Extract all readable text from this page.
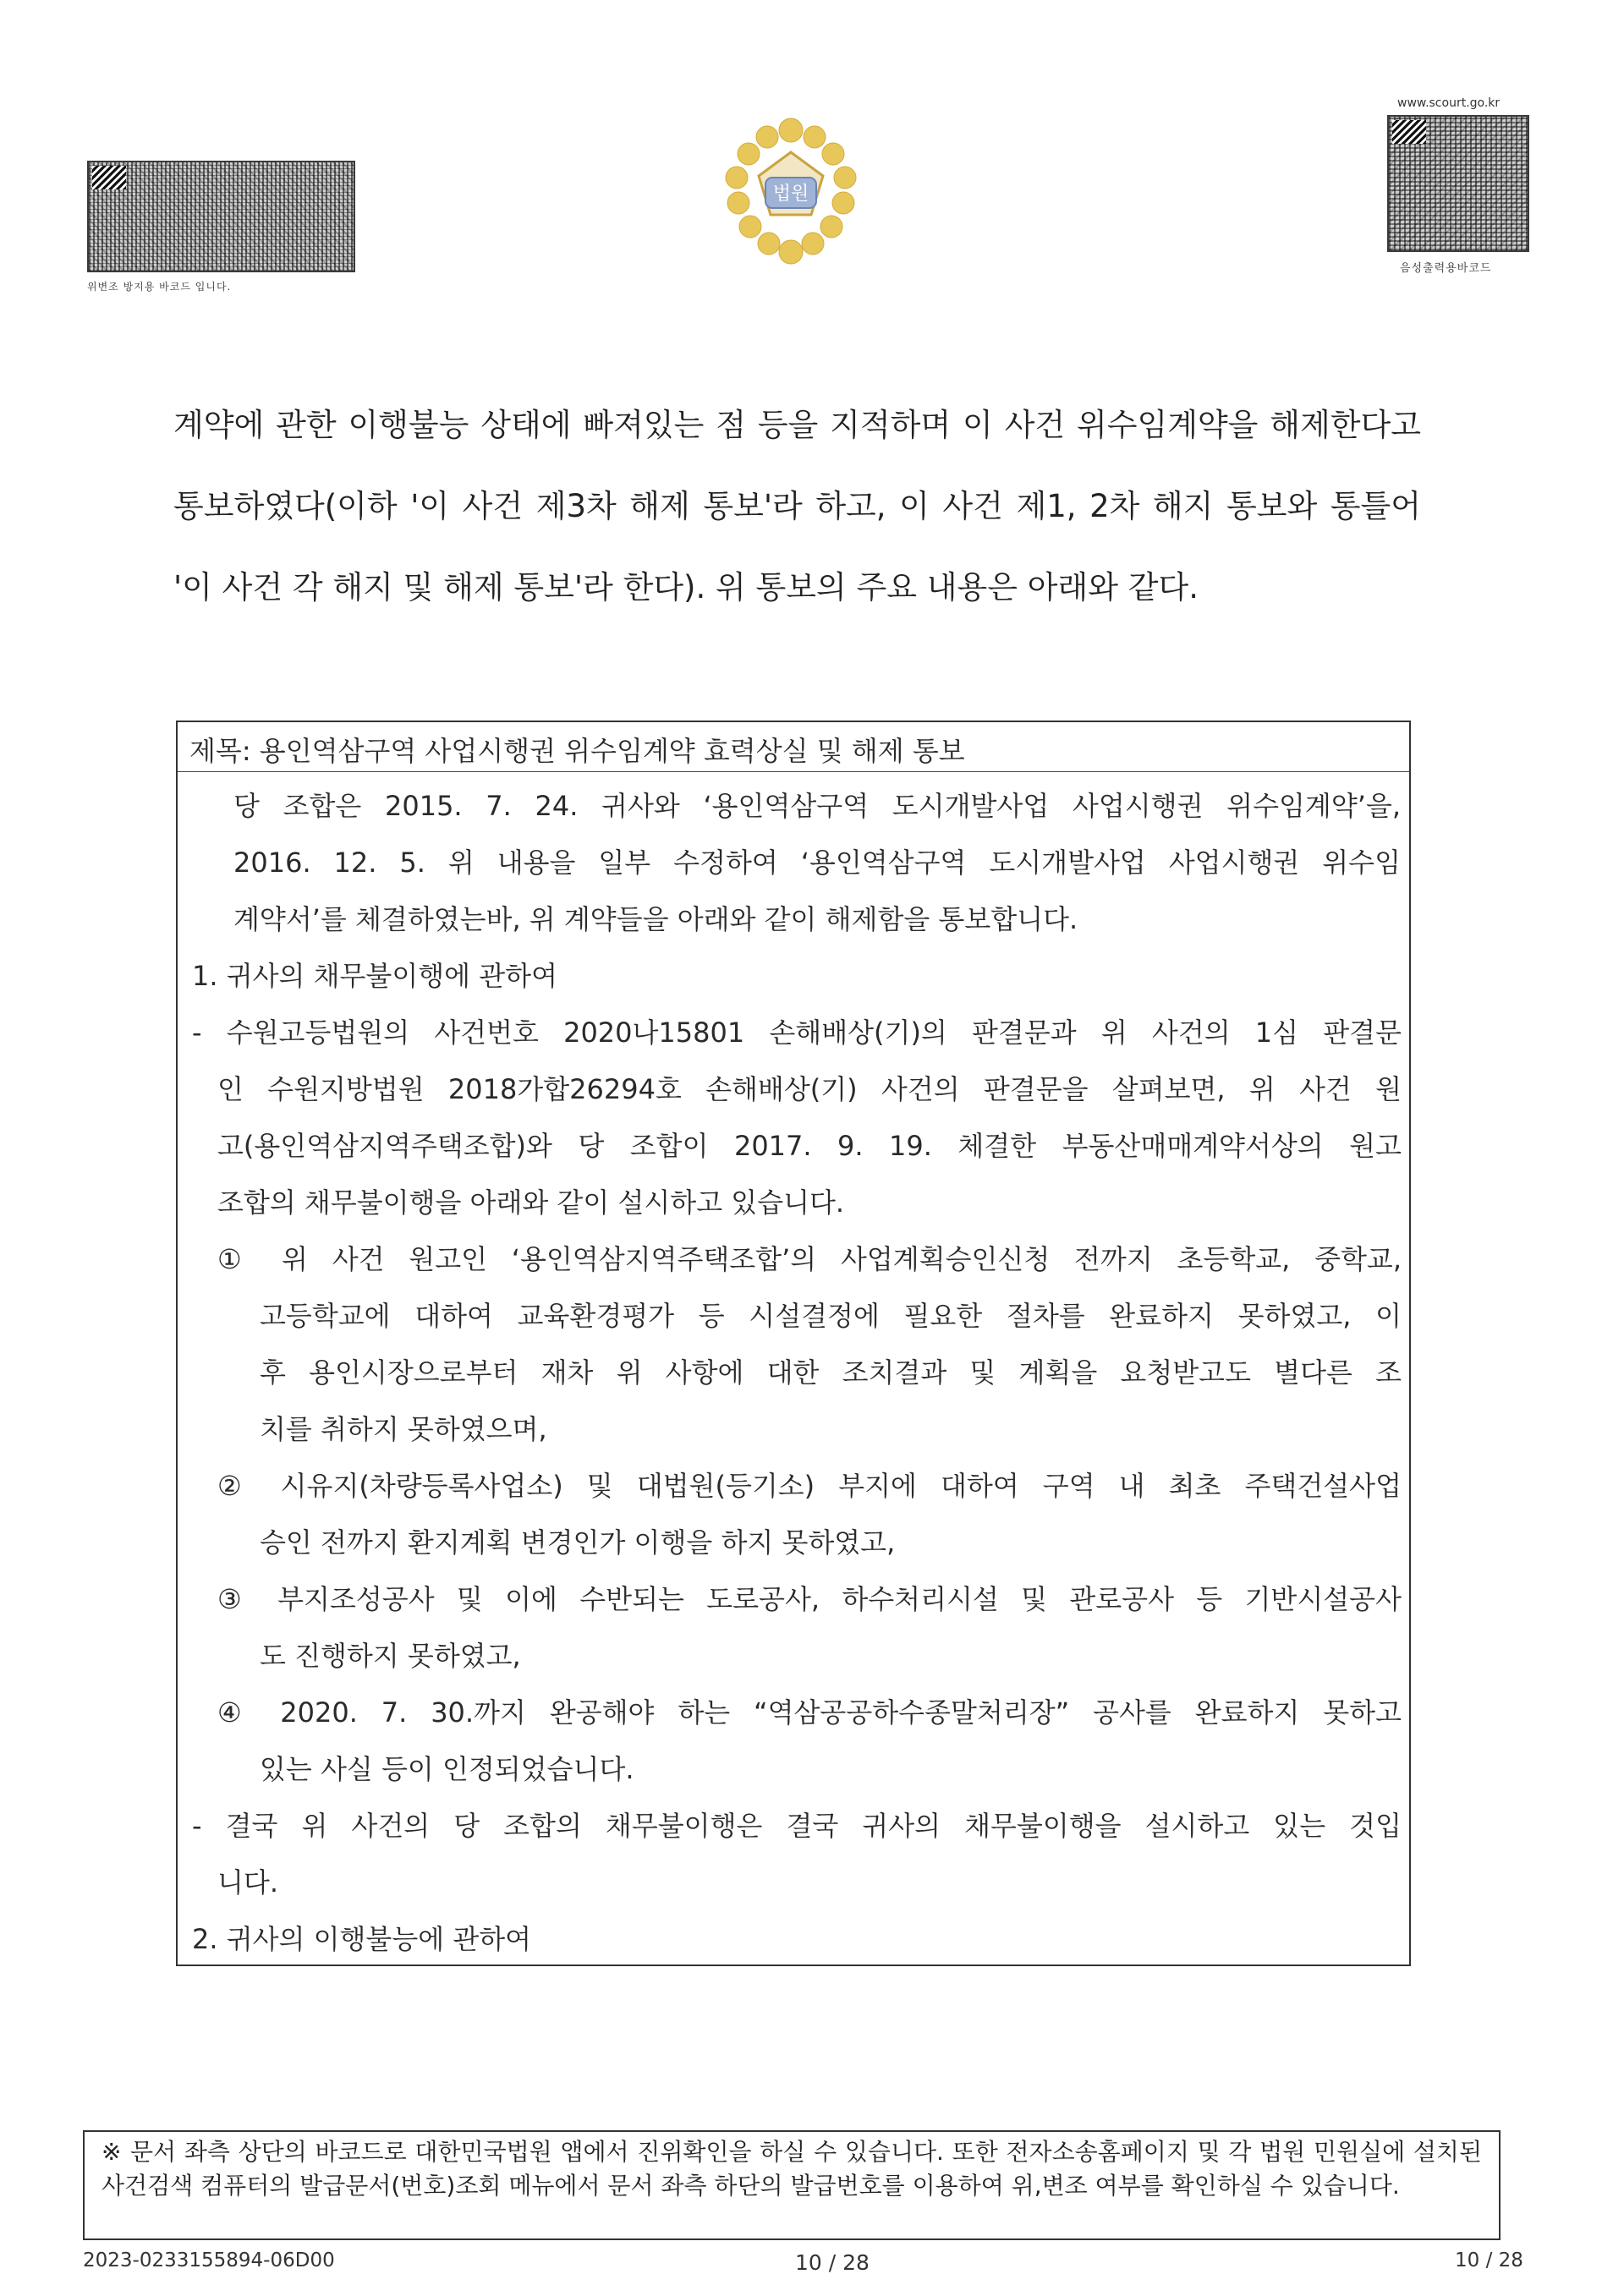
위변조 방지용 바코드 입니다.
법원
www.scourt.go.kr
음성출력용바코드
계약에 관한 이행불능 상태에 빠져있는 점 등을 지적하며 이 사건 위수임계약을 해제한다고 통보하였다(이하 '이 사건 제3차 해제 통보'라 하고, 이 사건 제1, 2차 해지 통보와 통틀어 '이 사건 각 해지 및 해제 통보'라 한다). 위 통보의 주요 내용은 아래와 같다.
제목: 용인역삼구역 사업시행권 위수임계약 효력상실 및 해제 통보
당 조합은 2015. 7. 24. 귀사와 ‘용인역삼구역 도시개발사업 사업시행권 위수임계약’을,
2016. 12. 5. 위 내용을 일부 수정하여 ‘용인역삼구역 도시개발사업 사업시행권 위수임
계약서’를 체결하였는바, 위 계약들을 아래와 같이 해제함을 통보합니다.
1. 귀사의 채무불이행에 관하여
- 수원고등법원의 사건번호 2020나15801 손해배상(기)의 판결문과 위 사건의 1심 판결문
인 수원지방법원 2018가합26294호 손해배상(기) 사건의 판결문을 살펴보면, 위 사건 원
고(용인역삼지역주택조합)와 당 조합이 2017. 9. 19. 체결한 부동산매매계약서상의 원고
조합의 채무불이행을 아래와 같이 설시하고 있습니다.
① 위 사건 원고인 ‘용인역삼지역주택조합’의 사업계획승인신청 전까지 초등학교, 중학교,
고등학교에 대하여 교육환경평가 등 시설결정에 필요한 절차를 완료하지 못하였고, 이
후 용인시장으로부터 재차 위 사항에 대한 조치결과 및 계획을 요청받고도 별다른 조
치를 취하지 못하였으며,
② 시유지(차량등록사업소) 및 대법원(등기소) 부지에 대하여 구역 내 최초 주택건설사업
승인 전까지 환지계획 변경인가 이행을 하지 못하였고,
③ 부지조성공사 및 이에 수반되는 도로공사, 하수처리시설 및 관로공사 등 기반시설공사
도 진행하지 못하였고,
④ 2020. 7. 30.까지 완공해야 하는 “역삼공공하수종말처리장” 공사를 완료하지 못하고
있는 사실 등이 인정되었습니다.
- 결국 위 사건의 당 조합의 채무불이행은 결국 귀사의 채무불이행을 설시하고 있는 것입
니다.
2. 귀사의 이행불능에 관하여
※ 문서 좌측 상단의 바코드로 대한민국법원 앱에서 진위확인을 하실 수 있습니다. 또한 전자소송홈페이지 및 각 법원 민원실에 설치된 사건검색 컴퓨터의 발급문서(번호)조회 메뉴에서 문서 좌측 하단의 발급번호를 이용하여 위,변조 여부를 확인하실 수 있습니다.
2023-0233155894-06D00	10 / 28	10 / 28
